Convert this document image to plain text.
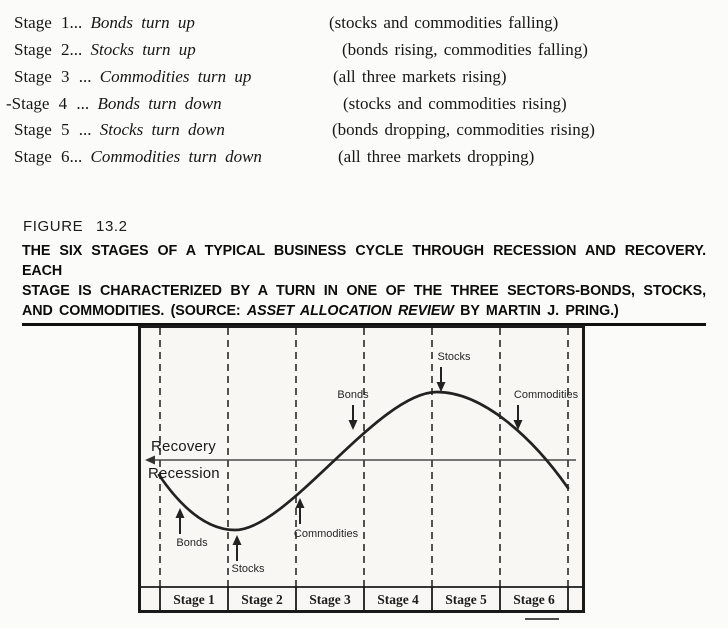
Stage 1... Bonds turn up	(stocks and commodities falling)
Stage 2... Stocks turn up	(bonds rising, commodities falling)
Stage 3 ... Commodities turn up	(all three markets rising)
-Stage 4 ... Bonds turn down	(stocks and commodities rising)
Stage 5 ... Stocks turn down	(bonds dropping, commodities rising)
Stage 6... Commodities turn down	(all three markets dropping)
FIGURE 13.2
THE SIX STAGES OF A TYPICAL BUSINESS CYCLE THROUGH RECESSION AND RECOVERY. EACH
STAGE IS CHARACTERIZED BY A TURN IN ONE OF THE THREE SECTORS-BONDS, STOCKS,
AND COMMODITIES. (SOURCE: ASSET ALLOCATION REVIEW BY MARTIN J. PRING.)
Recovery
Recession
Bonds
Stocks
Commodities
Bonds
Stocks
Commodities
Stage 1	Stage 2	Stage 3	Stage 4	Stage 5	Stage 6
